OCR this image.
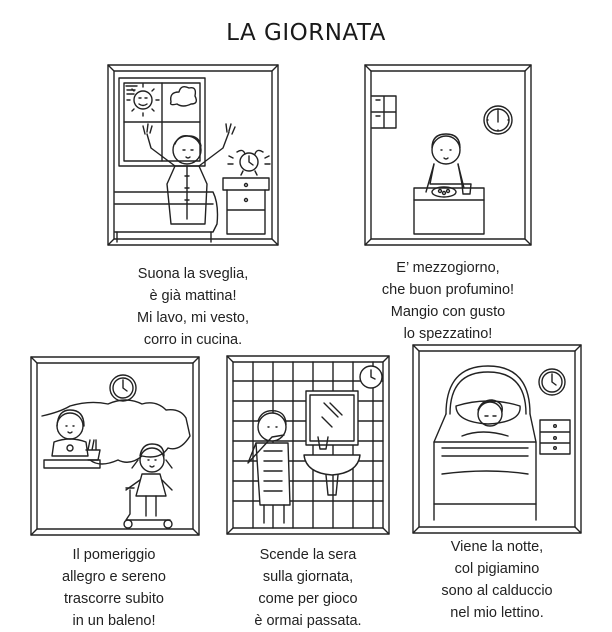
LA GIORNATA
Suona la sveglia,
è già mattina!
Mi lavo, mi vesto,
corro in cucina.
E’ mezzogiorno,
che buon profumino!
Mangio con gusto
lo spezzatino!
Il pomeriggio
allegro e sereno
trascorre subito
in un baleno!
Scende la sera
sulla giornata,
come per gioco
è ormai passata.
Viene la notte,
col pigiamino
sono al calduccio
nel mio lettino.
